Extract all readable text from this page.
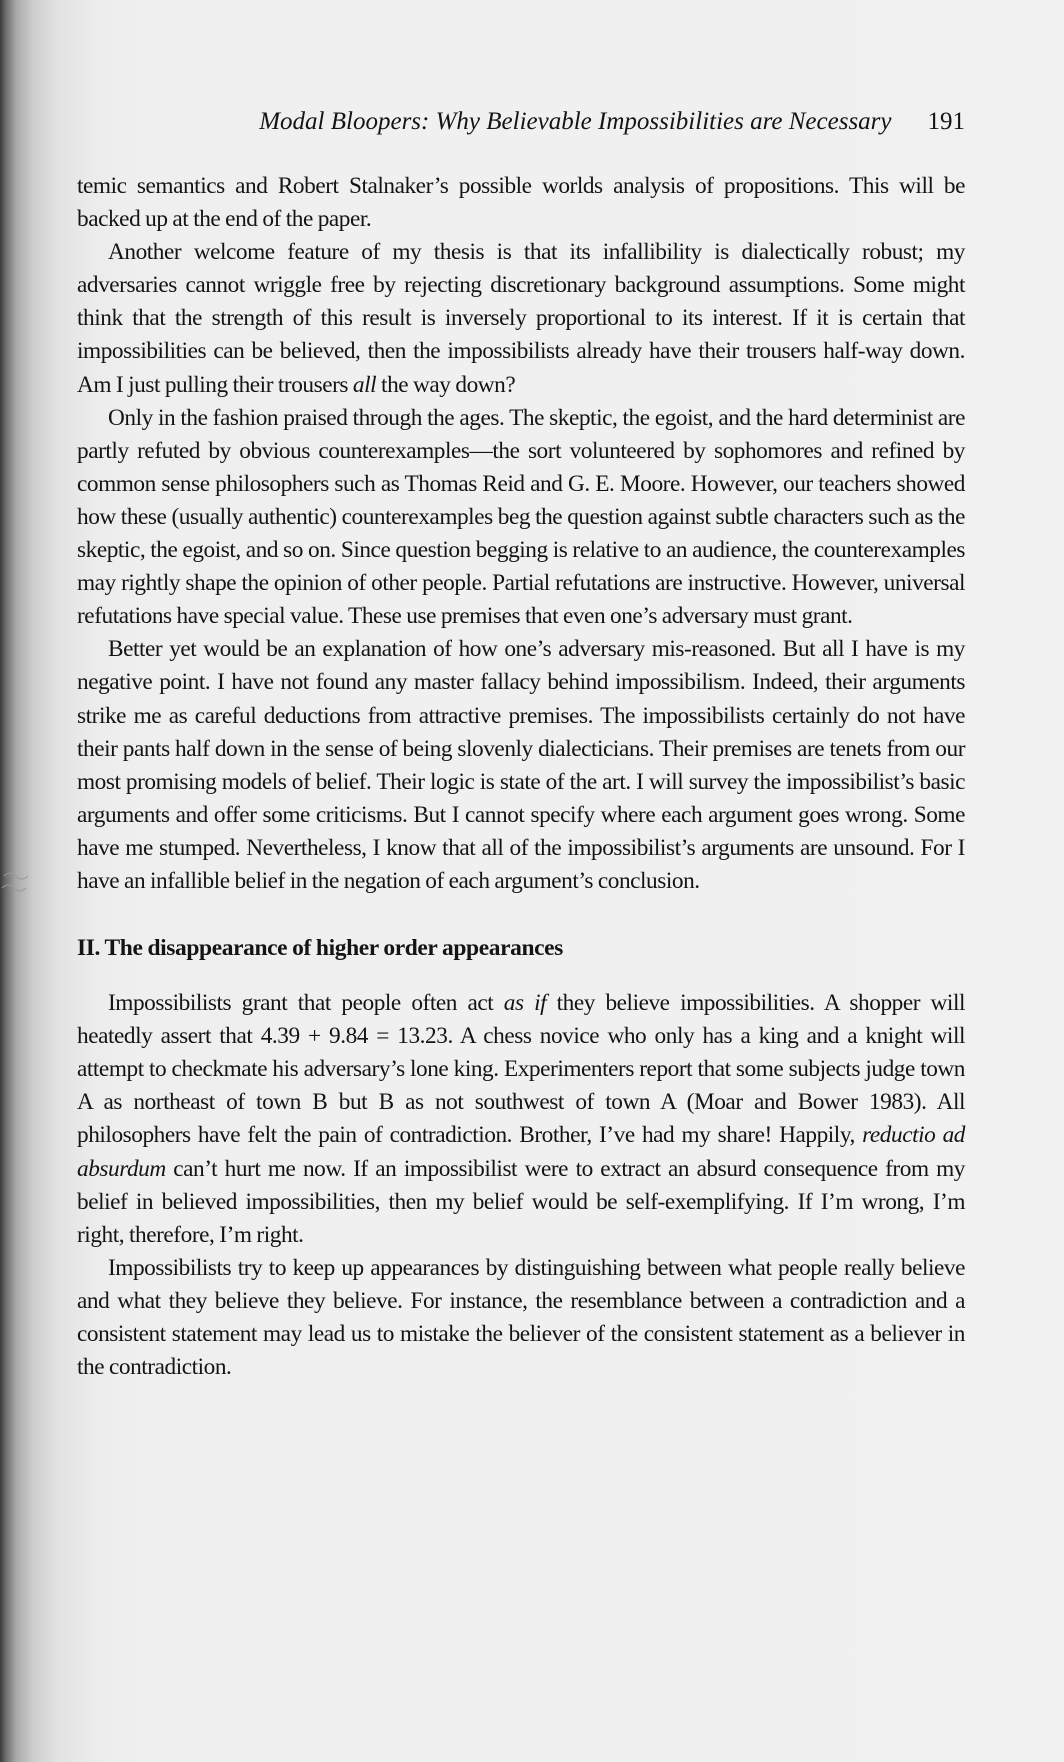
Modal Bloopers: Why Believable Impossibilities are Necessary 191

temic semantics and Robert Stalnaker’s possible worlds analysis of propositions. This will be backed up at the end of the paper.

Another welcome feature of my thesis is that its infallibility is dialectically robust; my adversaries cannot wriggle free by rejecting discretionary background assumptions. Some might think that the strength of this result is inversely proportional to its interest. If it is certain that impossibilities can be believed, then the impossibilists already have their trousers half-way down. Am I just pulling their trousers all the way down?

Only in the fashion praised through the ages. The skeptic, the egoist, and the hard determinist are partly refuted by obvious counterexamples—the sort volunteered by sophomores and refined by common sense philosophers such as Thomas Reid and G. E. Moore. However, our teachers showed how these (usually authentic) counterexamples beg the question against subtle characters such as the skeptic, the egoist, and so on. Since question begging is relative to an audience, the counterexamples may rightly shape the opinion of other people. Partial refutations are instructive. However, universal refutations have special value. These use premises that even one’s adversary must grant.

Better yet would be an explanation of how one’s adversary mis-reasoned. But all I have is my negative point. I have not found any master fallacy behind impossibilism. Indeed, their arguments strike me as careful deductions from attractive premises. The impossibilists certainly do not have their pants half down in the sense of being slovenly dialecticians. Their premises are tenets from our most promising models of belief. Their logic is state of the art. I will survey the impossibilist’s basic arguments and offer some criticisms. But I cannot specify where each argument goes wrong. Some have me stumped. Nevertheless, I know that all of the impossibilist’s arguments are unsound. For I have an infallible belief in the negation of each argument’s conclusion.

II. The disappearance of higher order appearances

Impossibilists grant that people often act as if they believe impossibilities. A shopper will heatedly assert that 4.39 + 9.84 = 13.23. A chess novice who only has a king and a knight will attempt to checkmate his adversary’s lone king. Experimenters report that some subjects judge town A as northeast of town B but B as not southwest of town A (Moar and Bower 1983). All philosophers have felt the pain of contradiction. Brother, I’ve had my share! Happily, reductio ad absurdum can’t hurt me now. If an impossibilist were to extract an absurd consequence from my belief in believed impossibilities, then my belief would be self-exemplifying. If I’m wrong, I’m right, therefore, I’m right.

Impossibilists try to keep up appearances by distinguishing between what people really believe and what they believe they believe. For instance, the resemblance between a contradiction and a consistent statement may lead us to mistake the believer of the consistent statement as a believer in the contradiction.
